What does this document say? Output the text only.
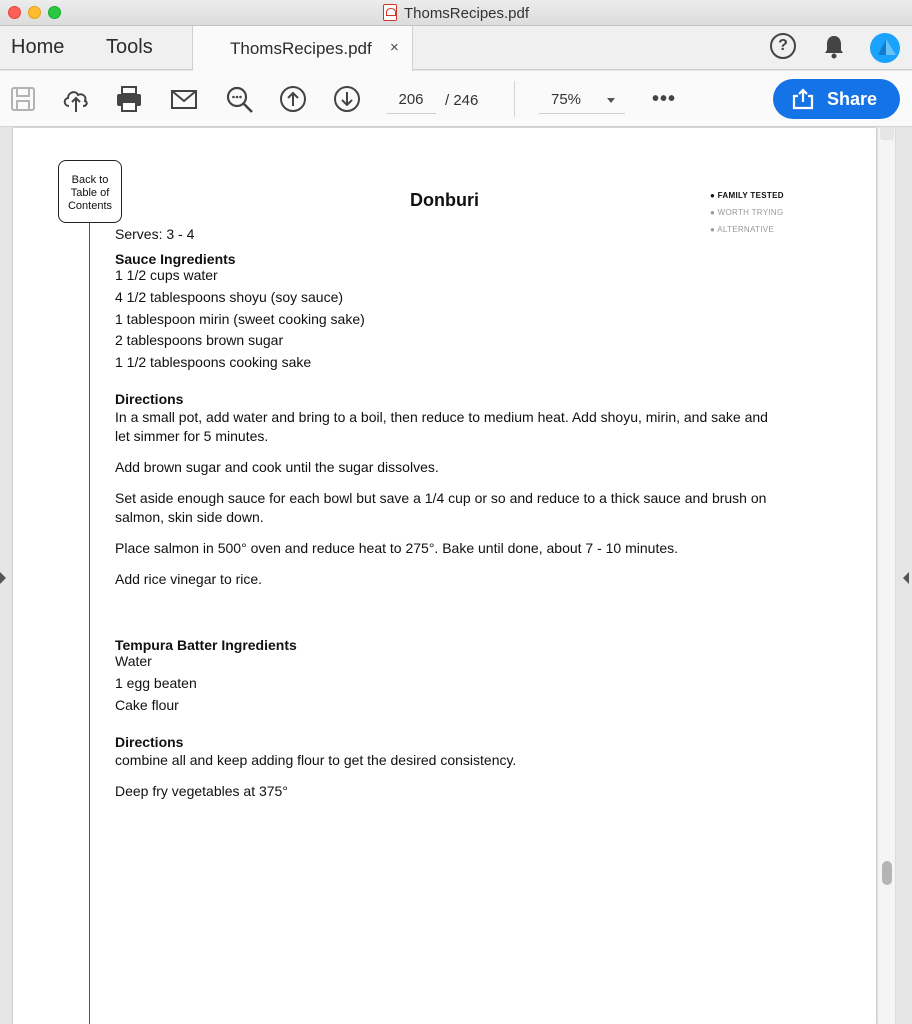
ThomsRecipes.pdf
Home Tools	ThomsRecipes.pdf ×	?
206	/ 246	75%	•••	Share
Back to
Table of
Contents	Donburi	● FAMILY TESTED
● WORTH TRYING
● ALTERNATIVE
Serves: 3 - 4
Sauce Ingredients
1 1/2 cups water
4 1/2 tablespoons shoyu (soy sauce)
1 tablespoon mirin (sweet cooking sake)
2 tablespoons brown sugar
1 1/2 tablespoons cooking sake
Directions
In a small pot, add water and bring to a boil, then reduce to medium heat. Add shoyu, mirin, and sake and let simmer for 5 minutes.
Add brown sugar and cook until the sugar dissolves.
Set aside enough sauce for each bowl but save a 1/4 cup or so and reduce to a thick sauce and brush on salmon, skin side down.
Place salmon in 500° oven and reduce heat to 275°. Bake until done, about 7 - 10 minutes.
Add rice vinegar to rice.
Tempura Batter Ingredients
Water
1 egg beaten
Cake flour
Directions
combine all and keep adding flour to get the desired consistency.
Deep fry vegetables at 375°
